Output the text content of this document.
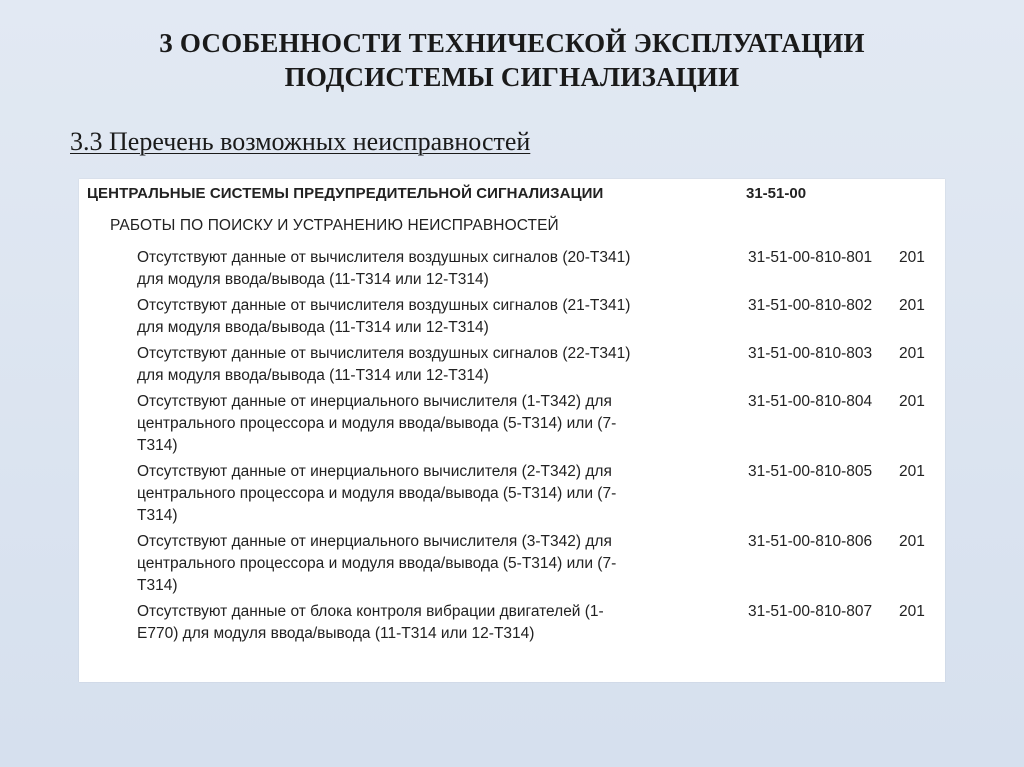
3 ОСОБЕННОСТИ ТЕХНИЧЕСКОЙ ЭКСПЛУАТАЦИИ
ПОДСИСТЕМЫ СИГНАЛИЗАЦИИ
3.3 Перечень возможных неисправностей
ЦЕНТРАЛЬНЫЕ СИСТЕМЫ ПРЕДУПРЕДИТЕЛЬНОЙ СИГНАЛИЗАЦИИ	31-51-00
РАБОТЫ ПО ПОИСКУ И УСТРАНЕНИЮ НЕИСПРАВНОСТЕЙ
Отсутствуют данные от вычислителя воздушных сигналов (20-T341)
для модуля ввода/вывода (11-T314 или 12-T314)
31-51-00-810-801 201
Отсутствуют данные от вычислителя воздушных сигналов (21-T341)
для модуля ввода/вывода (11-T314 или 12-T314)
31-51-00-810-802 201
Отсутствуют данные от вычислителя воздушных сигналов (22-T341)
для модуля ввода/вывода (11-T314 или 12-T314)
31-51-00-810-803 201
Отсутствуют данные от инерциального вычислителя (1-T342) для
центрального процессора и модуля ввода/вывода (5-T314) или (7-
T314)
31-51-00-810-804 201
Отсутствуют данные от инерциального вычислителя (2-T342) для
центрального процессора и модуля ввода/вывода (5-T314) или (7-
T314)
31-51-00-810-805 201
Отсутствуют данные от инерциального вычислителя (3-T342) для
центрального процессора и модуля ввода/вывода (5-T314) или (7-
T314)
31-51-00-810-806 201
Отсутствуют данные от блока контроля вибрации двигателей (1-
E770) для модуля ввода/вывода (11-T314 или 12-T314)
31-51-00-810-807 201
